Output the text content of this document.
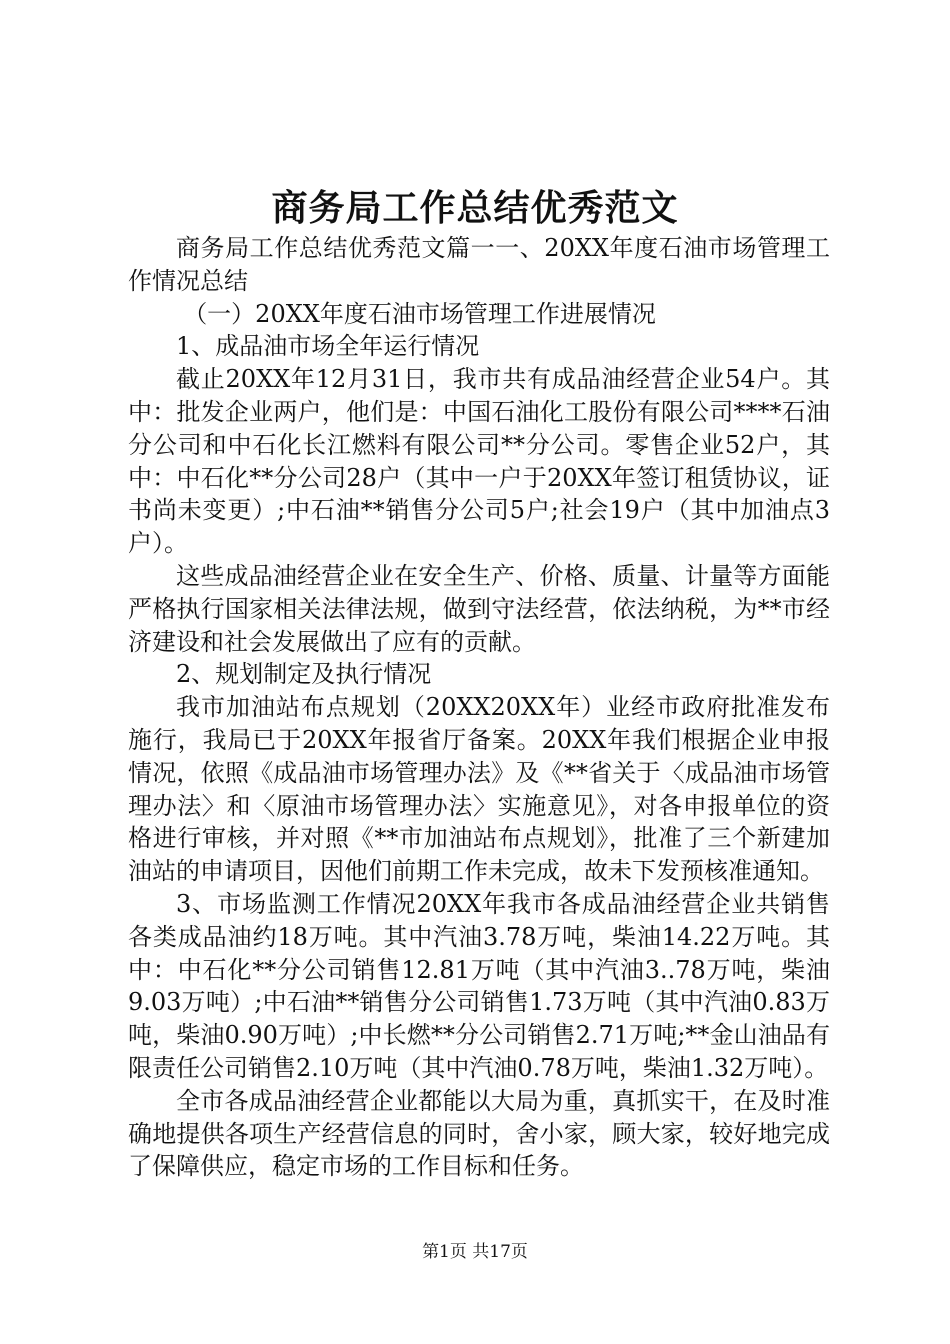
商务局工作总结优秀范文

商务局工作总结优秀范文篇一一、20XX年度石油市场管理工作情况总结

（一）20XX年度石油市场管理工作进展情况

1、成品油市场全年运行情况

截止20XX年12月31日，我市共有成品油经营企业54户。其中：批发企业两户，他们是：中国石油化工股份有限公司****石油分公司和中石化长江燃料有限公司**分公司。零售企业52户，其中：中石化**分公司28户（其中一户于20XX年签订租赁协议，证书尚未变更）;中石油**销售分公司5户;社会19户（其中加油点3户）。

这些成品油经营企业在安全生产、价格、质量、计量等方面能严格执行国家相关法律法规，做到守法经营，依法纳税，为**市经济建设和社会发展做出了应有的贡献。

2、规划制定及执行情况

我市加油站布点规划（20XX20XX年）业经市政府批准发布施行，我局已于20XX年报省厅备案。20XX年我们根据企业申报情况，依照《成品油市场管理办法》及《**省关于〈成品油市场管理办法〉和〈原油市场管理办法〉实施意见》，对各申报单位的资格进行审核，并对照《**市加油站布点规划》，批准了三个新建加油站的申请项目，因他们前期工作未完成，故未下发预核准通知。

3、市场监测工作情况20XX年我市各成品油经营企业共销售各类成品油约18万吨。其中汽油3.78万吨，柴油14.22万吨。其中：中石化**分公司销售12.81万吨（其中汽油3..78万吨，柴油9.03万吨）;中石油**销售分公司销售1.73万吨（其中汽油0.83万吨，柴油0.90万吨）;中长燃**分公司销售2.71万吨;**金山油品有限责任公司销售2.10万吨（其中汽油0.78万吨，柴油1.32万吨）。

全市各成品油经营企业都能以大局为重，真抓实干，在及时准确地提供各项生产经营信息的同时，舍小家，顾大家，较好地完成了保障供应，稳定市场的工作目标和任务。

第1页 共17页
